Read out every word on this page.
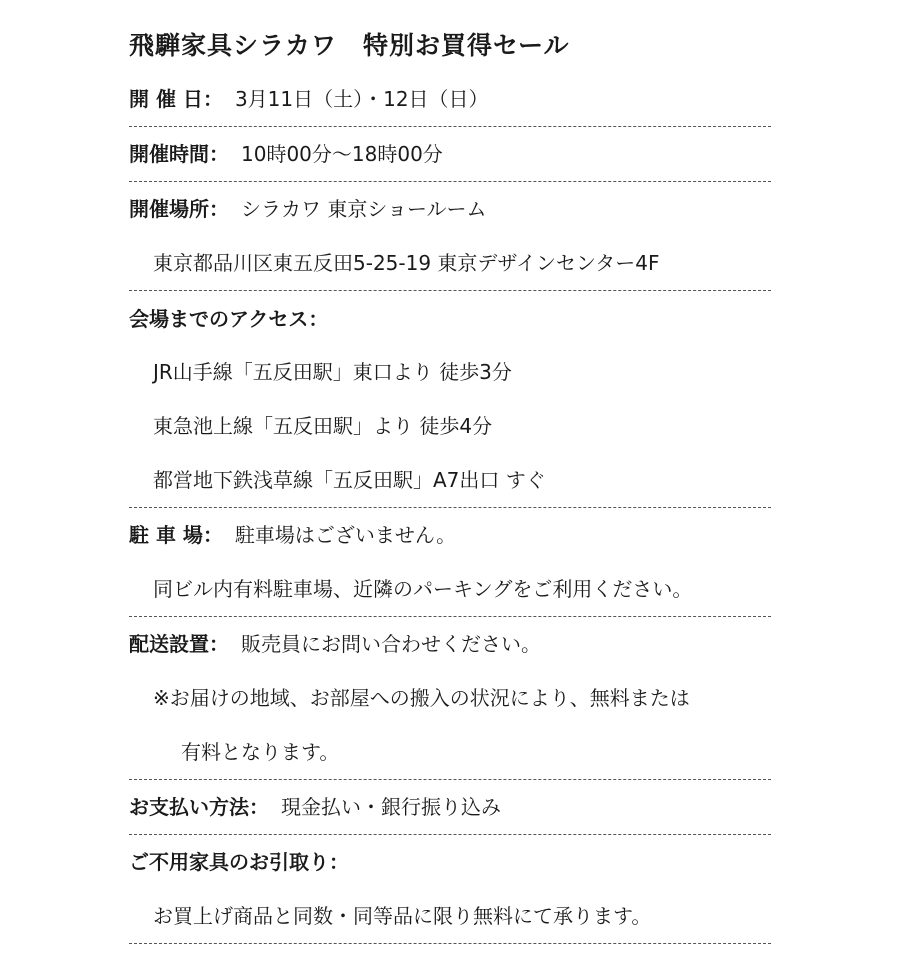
飛騨家具シラカワ　特別お買得セール
開 催 日： 3月11日（土）・12日（日）
開催時間： 10時00分～18時00分
開催場所： シラカワ 東京ショールーム
東京都品川区東五反田5-25-19 東京デザインセンター4F
会場までのアクセス：
JR山手線「五反田駅」東口より 徒歩3分
東急池上線「五反田駅」より 徒歩4分
都営地下鉄浅草線「五反田駅」A7出口 すぐ
駐 車 場： 駐車場はございません。
同ビル内有料駐車場、近隣のパーキングをご利用ください。
配送設置： 販売員にお問い合わせください。
※お届けの地域、お部屋への搬入の状況により、無料または
有料となります。
お支払い方法： 現金払い・銀行振り込み
ご不用家具のお引取り：
お買上げ商品と同数・同等品に限り無料にて承ります。
